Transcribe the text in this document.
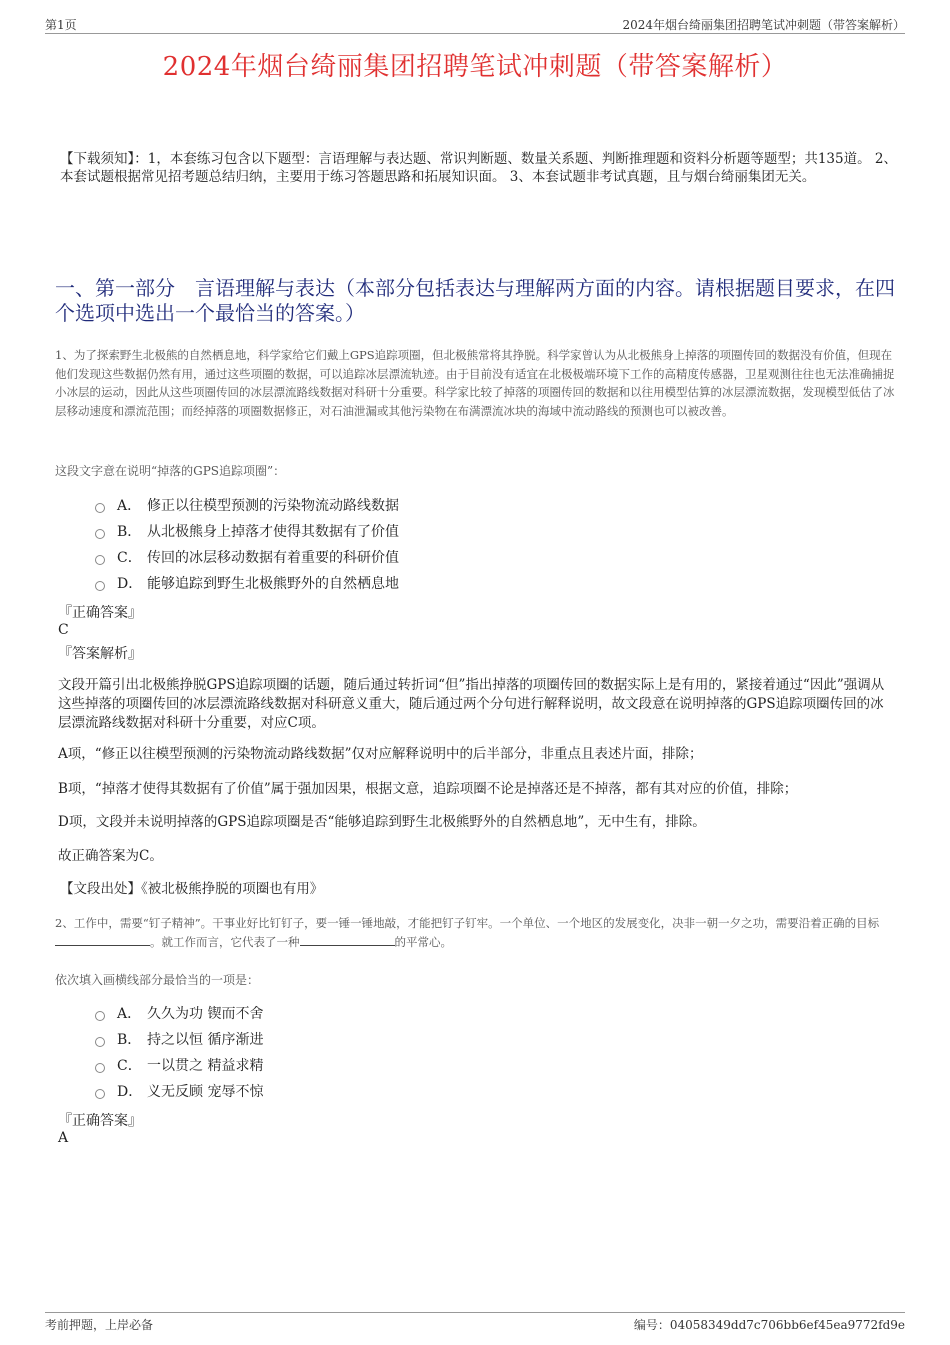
第1页	2024年烟台绮丽集团招聘笔试冲刺题（带答案解析）
2024年烟台绮丽集团招聘笔试冲刺题（带答案解析）
【下载须知】：1，本套练习包含以下题型：言语理解与表达题、常识判断题、数量关系题、判断推理题和资料分析题等题型；共135道。 2、本套试题根据常见招考题总结归纳，主要用于练习答题思路和拓展知识面。 3、本套试题非考试真题，且与烟台绮丽集团无关。
一、第一部分　言语理解与表达（本部分包括表达与理解两方面的内容。请根据题目要求，在四个选项中选出一个最恰当的答案。）
1、为了探索野生北极熊的自然栖息地，科学家给它们戴上GPS追踪项圈，但北极熊常将其挣脱。科学家曾认为从北极熊身上掉落的项圈传回的数据没有价值，但现在他们发现这些数据仍然有用，通过这些项圈的数据，可以追踪冰层漂流轨迹。由于目前没有适宜在北极极端环境下工作的高精度传感器，卫星观测往往也无法准确捕捉小冰层的运动，因此从这些项圈传回的冰层漂流路线数据对科研十分重要。科学家比较了掉落的项圈传回的数据和以往用模型估算的冰层漂流数据，发现模型低估了冰层移动速度和漂流范围；而经掉落的项圈数据修正，对石油泄漏或其他污染物在布满漂流冰块的海域中流动路线的预测也可以被改善。
这段文字意在说明“掉落的GPS追踪项圈”：
A． 修正以往模型预测的污染物流动路线数据
B． 从北极熊身上掉落才使得其数据有了价值
C． 传回的冰层移动数据有着重要的科研价值
D． 能够追踪到野生北极熊野外的自然栖息地
『正确答案』
C
『答案解析』
文段开篇引出北极熊挣脱GPS追踪项圈的话题，随后通过转折词“但”指出掉落的项圈传回的数据实际上是有用的，紧接着通过“因此”强调从这些掉落的项圈传回的冰层漂流路线数据对科研意义重大，随后通过两个分句进行解释说明，故文段意在说明掉落的GPS追踪项圈传回的冰层漂流路线数据对科研十分重要，对应C项。
A项，“修正以往模型预测的污染物流动路线数据”仅对应解释说明中的后半部分，非重点且表述片面，排除；
B项，“掉落才使得其数据有了价值”属于强加因果，根据文意，追踪项圈不论是掉落还是不掉落，都有其对应的价值，排除；
D项，文段并未说明掉落的GPS追踪项圈是否“能够追踪到野生北极熊野外的自然栖息地”，无中生有，排除。
故正确答案为C。
【文段出处】《被北极熊挣脱的项圈也有用》
2、工作中，需要“钉子精神”。干事业好比钉钉子，要一锤一锤地敲，才能把钉子钉牢。一个单位、一个地区的发展变化，决非一朝一夕之功，需要沿着正确的目标。就工作而言，它代表了一种	的平常心。
依次填入画横线部分最恰当的一项是：
A． 久久为功 锲而不舍
B． 持之以恒 循序渐进
C． 一以贯之 精益求精
D． 义无反顾 宠辱不惊
『正确答案』
A
考前押题，上岸必备	编号：04058349dd7c706bb6ef45ea9772fd9e
